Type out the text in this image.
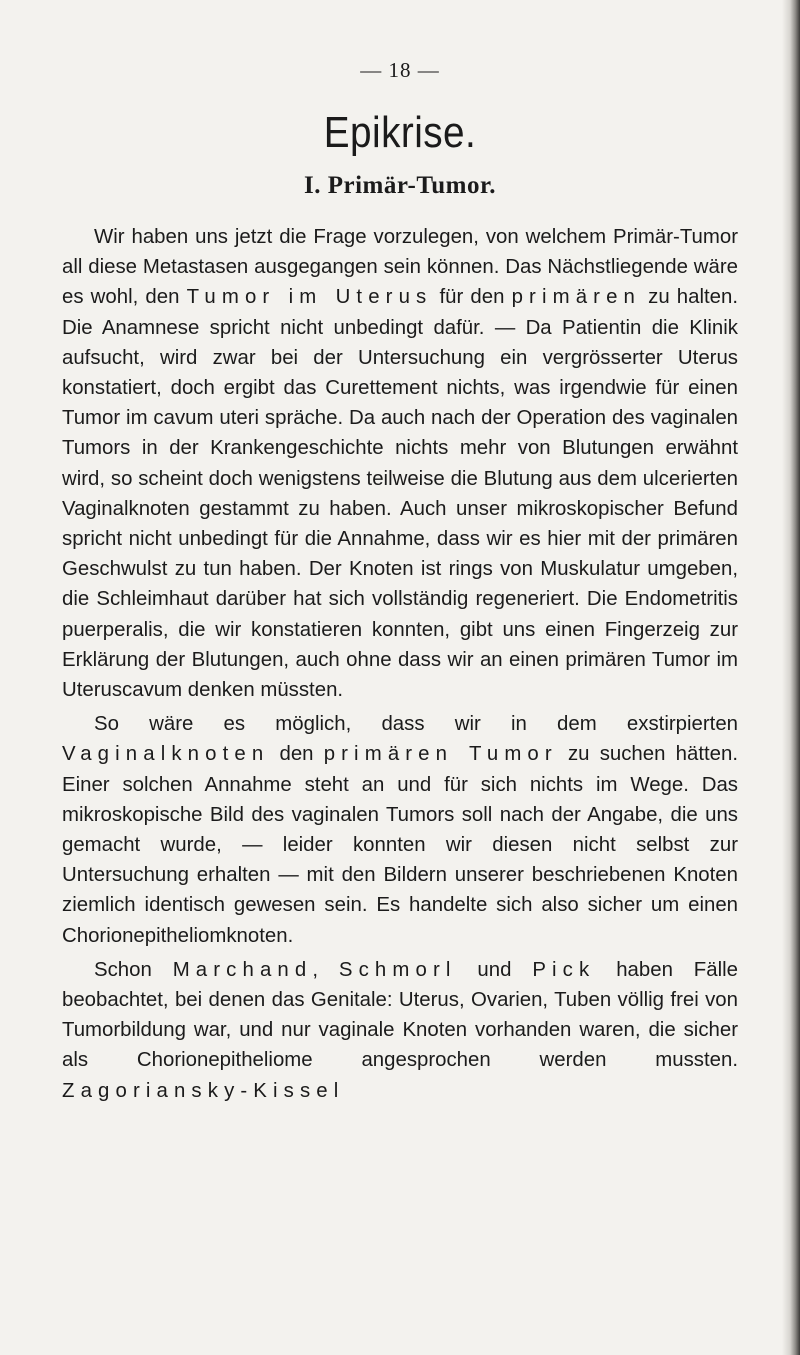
— 18 —
Epikrise.
I. Primär-Tumor.

Wir haben uns jetzt die Frage vorzulegen, von welchem Primär-Tumor all diese Metastasen ausgegangen sein können. Das Nächstliegende wäre es wohl, den Tumor im Uterus für den primären zu halten. Die Anamnese spricht nicht unbedingt dafür. — Da Patientin die Klinik aufsucht, wird zwar bei der Untersuchung ein vergrösserter Uterus konstatiert, doch ergibt das Curettement nichts, was irgendwie für einen Tumor im cavum uteri spräche. Da auch nach der Operation des vaginalen Tumors in der Krankengeschichte nichts mehr von Blutungen erwähnt wird, so scheint doch wenigstens teilweise die Blutung aus dem ulcerierten Vaginalknoten gestammt zu haben. Auch unser mikroskopischer Befund spricht nicht unbedingt für die Annahme, dass wir es hier mit der primären Geschwulst zu tun haben. Der Knoten ist rings von Muskulatur umgeben, die Schleimhaut darüber hat sich vollständig regeneriert. Die Endometritis puerperalis, die wir konstatieren konnten, gibt uns einen Fingerzeig zur Erklärung der Blutungen, auch ohne dass wir an einen primären Tumor im Uteruscavum denken müssten.

So wäre es möglich, dass wir in dem exstirpierten Vaginalknoten den primären Tumor zu suchen hätten. Einer solchen Annahme steht an und für sich nichts im Wege. Das mikroskopische Bild des vaginalen Tumors soll nach der Angabe, die uns gemacht wurde, — leider konnten wir diesen nicht selbst zur Untersuchung erhalten — mit den Bildern unserer beschriebenen Knoten ziemlich identisch gewesen sein. Es handelte sich also sicher um einen Chorionepitheliomknoten.

Schon Marchand, Schmorl und Pick haben Fälle beobachtet, bei denen das Genitale: Uterus, Ovarien, Tuben völlig frei von Tumorbildung war, und nur vaginale Knoten vorhanden waren, die sicher als Chorionepitheliome angesprochen werden mussten. Zagoriansky-Kissel
